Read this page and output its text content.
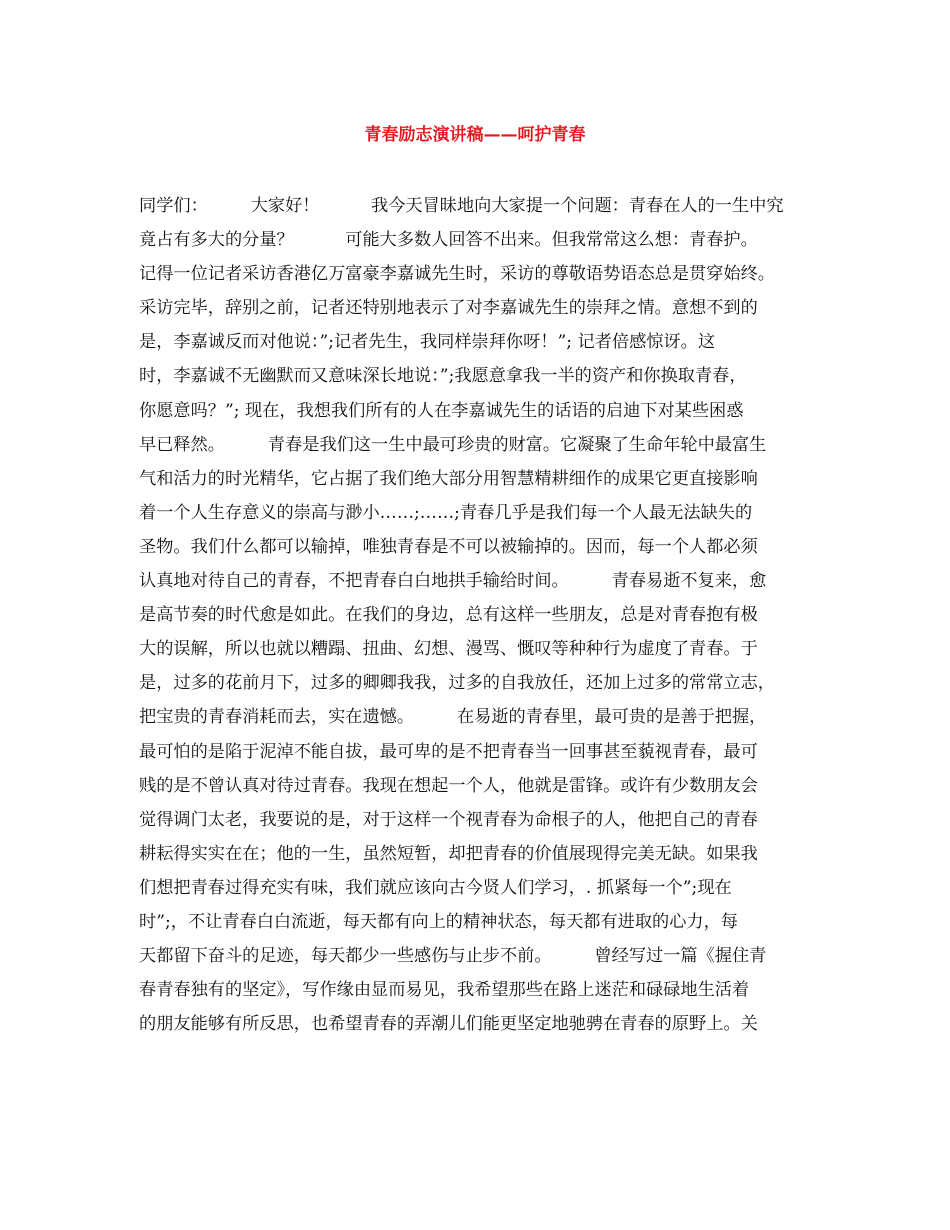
青春励志演讲稿——呵护青春
同学们：　　　大家好！　　　我今天冒昧地向大家提一个问题：青春在人的一生中究
竟占有多大的分量？　　　可能大多数人回答不出来。但我常常这么想：青春护。
记得一位记者采访香港亿万富豪李嘉诚先生时，采访的尊敬语势语态总是贯穿始终。
采访完毕，辞别之前，记者还特别地表示了对李嘉诚先生的崇拜之情。意想不到的
是，李嘉诚反而对他说：”;记者先生，我同样崇拜你呀！”; 记者倍感惊讶。这
时，李嘉诚不无幽默而又意味深长地说：”;我愿意拿我一半的资产和你换取青春，
你愿意吗？”; 现在，我想我们所有的人在李嘉诚先生的话语的启迪下对某些困惑
早已释然。　　　青春是我们这一生中最可珍贵的财富。它凝聚了生命年轮中最富生
气和活力的时光精华，它占据了我们绝大部分用智慧精耕细作的成果它更直接影响
着一个人生存意义的崇高与渺小……;……;青春几乎是我们每一个人最无法缺失的
圣物。我们什么都可以输掉，唯独青春是不可以被输掉的。因而，每一个人都必须
认真地对待自己的青春，不把青春白白地拱手输给时间。　　　青春易逝不复来，愈
是高节奏的时代愈是如此。在我们的身边，总有这样一些朋友，总是对青春抱有极
大的误解，所以也就以糟蹋、扭曲、幻想、漫骂、慨叹等种种行为虚度了青春。于
是，过多的花前月下，过多的卿卿我我，过多的自我放任，还加上过多的常常立志，
把宝贵的青春消耗而去，实在遗憾。　　　在易逝的青春里，最可贵的是善于把握，
最可怕的是陷于泥淖不能自拔，最可卑的是不把青春当一回事甚至藐视青春，最可
贱的是不曾认真对待过青春。我现在想起一个人，他就是雷锋。或许有少数朋友会
觉得调门太老，我要说的是，对于这样一个视青春为命根子的人，他把自己的青春
耕耘得实实在在；他的一生，虽然短暂，却把青春的价值展现得完美无缺。如果我
们想把青春过得充实有味，我们就应该向古今贤人们学习，. 抓紧每一个”;现在
时”;，不让青春白白流逝，每天都有向上的精神状态，每天都有进取的心力，每
天都留下奋斗的足迹，每天都少一些感伤与止步不前。　　　曾经写过一篇《握住青
春青春独有的坚定》，写作缘由显而易见，我希望那些在路上迷茫和碌碌地生活着
的朋友能够有所反思，也希望青春的弄潮儿们能更坚定地驰骋在青春的原野上。关
